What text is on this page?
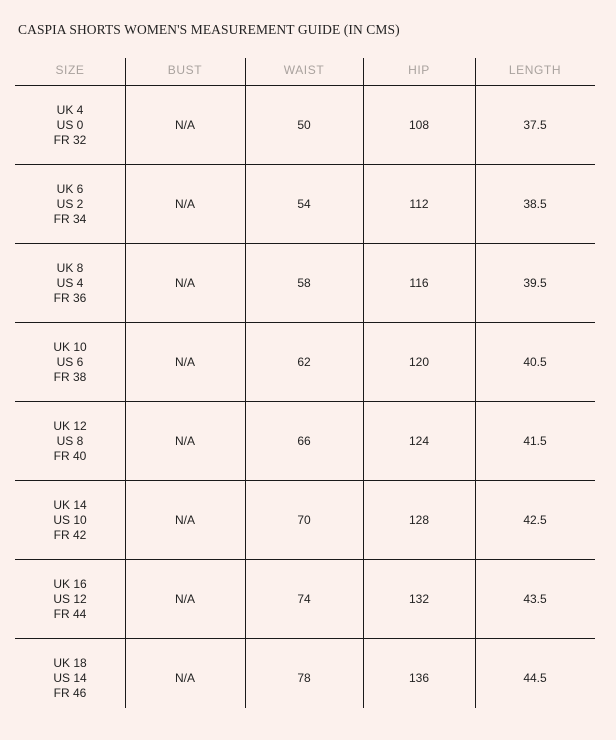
CASPIA SHORTS WOMEN'S MEASUREMENT GUIDE (IN CMS)
SIZE	BUST	WAIST	HIP	LENGTH
UK 4
US 0
FR 32
N/A	50	108	37.5
UK 6
US 2
FR 34
N/A	54	112	38.5
UK 8
US 4
FR 36
N/A	58	116	39.5
UK 10
US 6
FR 38
N/A	62	120	40.5
UK 12
US 8
FR 40
N/A	66	124	41.5
UK 14
US 10
FR 42
N/A	70	128	42.5
UK 16
US 12
FR 44
N/A	74	132	43.5
UK 18
US 14
FR 46
N/A	78	136	44.5
